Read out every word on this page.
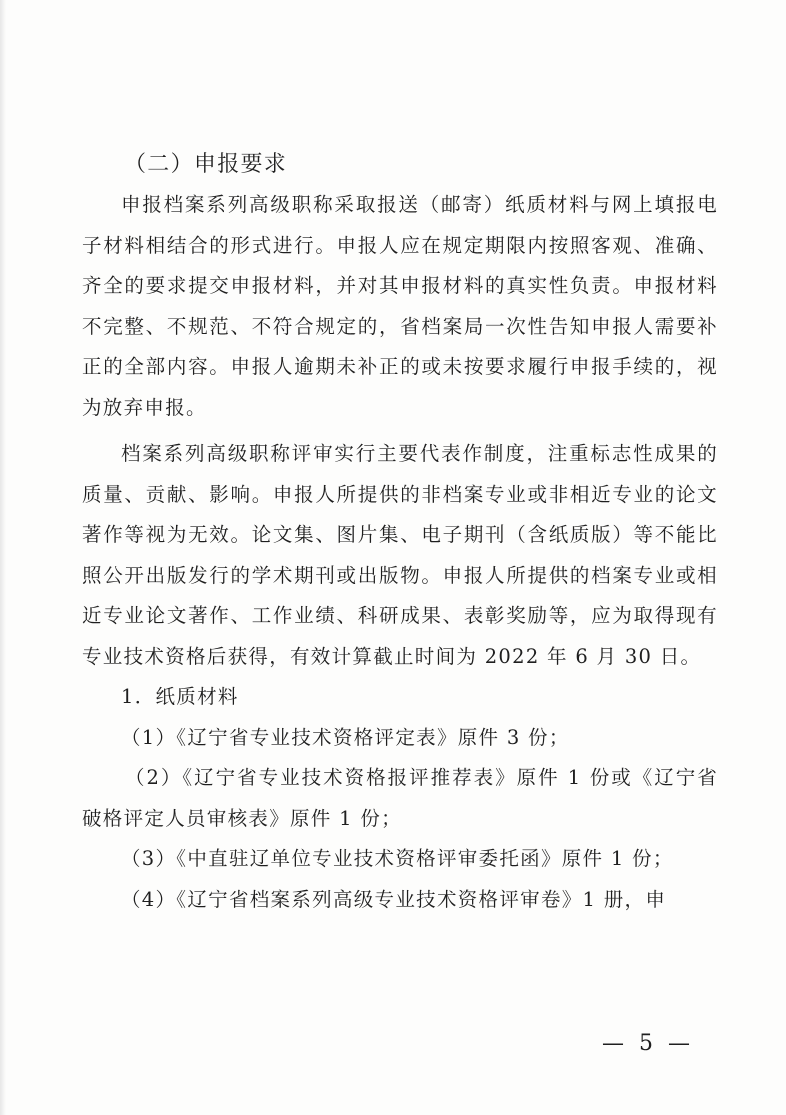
（二）申报要求

申报档案系列高级职称采取报送（邮寄）纸质材料与网上填报电子材料相结合的形式进行。申报人应在规定期限内按照客观、准确、齐全的要求提交申报材料，并对其申报材料的真实性负责。申报材料不完整、不规范、不符合规定的，省档案局一次性告知申报人需要补正的全部内容。申报人逾期未补正的或未按要求履行申报手续的，视为放弃申报。

档案系列高级职称评审实行主要代表作制度，注重标志性成果的质量、贡献、影响。申报人所提供的非档案专业或非相近专业的论文著作等视为无效。论文集、图片集、电子期刊（含纸质版）等不能比照公开出版发行的学术期刊或出版物。申报人所提供的档案专业或相近专业论文著作、工作业绩、科研成果、表彰奖励等，应为取得现有专业技术资格后获得，有效计算截止时间为 2022 年 6 月 30 日。

1．纸质材料

（1）《辽宁省专业技术资格评定表》原件 3 份；

（2）《辽宁省专业技术资格报评推荐表》原件 1 份或《辽宁省破格评定人员审核表》原件 1 份；

（3）《中直驻辽单位专业技术资格评审委托函》原件 1 份；

（4）《辽宁省档案系列高级专业技术资格评审卷》1 册，申

— 5 —
